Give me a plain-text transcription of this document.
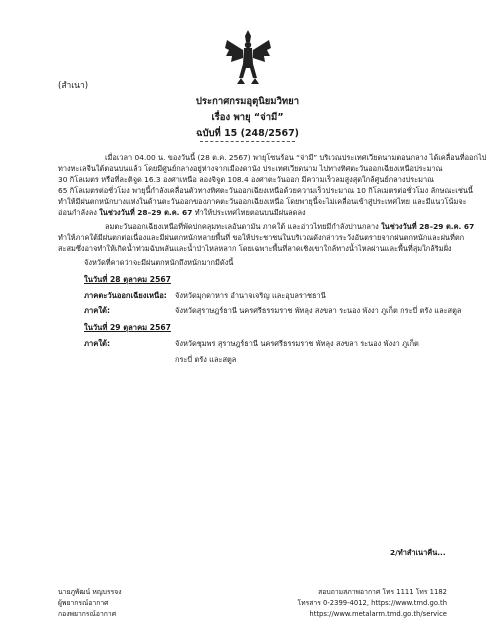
(สำเนา)
ประกาศกรมอุตุนิยมวิทยา
เรื่อง พายุ “จ่ามี”
ฉบับที่ 15 (248/2567)
เมื่อเวลา 04.00 น. ของวันนี้ (28 ต.ค. 2567) พายุโซนร้อน “จ่ามี” บริเวณประเทศเวียดนามตอนกลาง ได้เคลื่อนที่ออกไป
ทางทะเลจีนใต้ตอนบนแล้ว โดยมีศูนย์กลางอยู่ห่างจากเมืองดานัง ประเทศเวียดนาม ไปทางทิศตะวันออกเฉียงเหนือประมาณ
30 กิโลเมตร หรือที่ละติจูด 16.3 องศาเหนือ ลองจิจูด 108.4 องศาตะวันออก มีความเร็วลมสูงสุดใกล้ศูนย์กลางประมาณ
65 กิโลเมตรต่อชั่วโมง พายุนี้กำลังเคลื่อนตัวทางทิศตะวันออกเฉียงเหนือด้วยความเร็วประมาณ 10 กิโลเมตรต่อชั่วโมง ลักษณะเช่นนี้
ทำให้มีฝนตกหนักบางแห่งในด้านตะวันออกของภาคตะวันออกเฉียงเหนือ โดยพายุนี้จะไม่เคลื่อนเข้าสู่ประเทศไทย และมีแนวโน้มจะ
อ่อนกำลังลง ในช่วงวันที่ 28–29 ต.ค. 67 ทำให้ประเทศไทยตอนบนมีฝนลดลง
ลมตะวันออกเฉียงเหนือที่พัดปกคลุมทะเลอันดามัน ภาคใต้ และอ่าวไทยมีกำลังปานกลาง ในช่วงวันที่ 28–29 ต.ค. 67
ทำให้ภาคใต้มีฝนตกต่อเนื่องและมีฝนตกหนักหลายพื้นที่ ขอให้ประชาชนในบริเวณดังกล่าวระวังอันตรายจากฝนตกหนักและฝนที่ตก
สะสมซึ่งอาจทำให้เกิดน้ำท่วมฉับพลันและน้ำป่าไหลหลาก โดยเฉพาะพื้นที่ลาดเชิงเขาใกล้ทางน้ำไหลผ่านและพื้นที่ลุ่มใกล้ริมฝั่ง
จังหวัดที่คาดว่าจะมีฝนตกหนักถึงหนักมากมีดังนี้
ในวันที่ 28 ตุลาคม 2567
ภาคตะวันออกเฉียงเหนือ: จังหวัดมุกดาหาร อำนาจเจริญ และอุบลราชธานี
ภาคใต้:	จังหวัดสุราษฎร์ธานี นครศรีธรรมราช พัทลุง สงขลา ระนอง พังงา ภูเก็ต กระบี่ ตรัง และสตูล
ในวันที่ 29 ตุลาคม 2567
ภาคใต้:	จังหวัดชุมพร สุราษฎร์ธานี นครศรีธรรมราช พัทลุง สงขลา ระนอง พังงา ภูเก็ต
กระบี่ ตรัง และสตูล
2/ทำสำเนาคืน...
นายภูพัฒน์ หญบรรจง
ผู้พยากรณ์อากาศ
กองพยากรณ์อากาศ
สอบถามสภาพอากาศ โทร 1111 โทร 1182
โทรสาร 0-2399-4012, https://www.tmd.go.th
https://www.metalarm.tmd.go.th/service
